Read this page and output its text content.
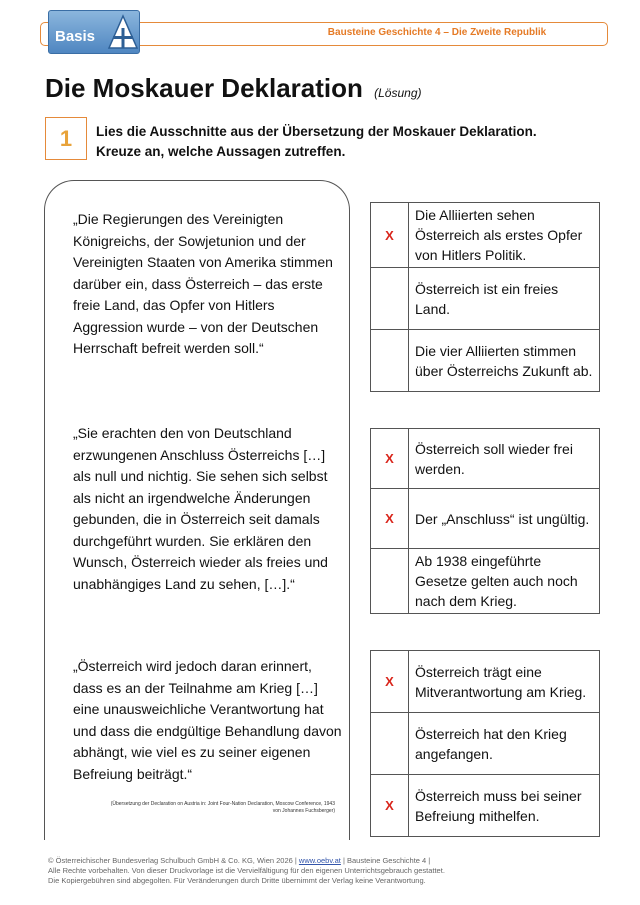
Bausteine Geschichte 4 – Die Zweite Republik
Basis
Die Moskauer Deklaration (Lösung)
1	Lies die Ausschnitte aus der Übersetzung der Moskauer Deklaration.
Kreuze an, welche Aussagen zutreffen.

„Die Regierungen des Vereinigten Königreichs, der Sowjetunion und der Vereinigten Staaten von Amerika stimmen darüber ein, dass Österreich – das erste freie Land, das Opfer von Hitlers Aggression wurde – von der Deutschen Herrschaft befreit werden soll.“

„Sie erachten den von Deutschland erzwungenen Anschluss Österreichs […] als null und nichtig. Sie sehen sich selbst als nicht an irgendwelche Änderungen gebunden, die in Österreich seit damals durchgeführt wurden. Sie erklären den Wunsch, Österreich wieder als freies und unabhängiges Land zu sehen, […].“

„Österreich wird jedoch daran erinnert, dass es an der Teilnahme am Krieg […] eine unausweichliche Verantwortung hat und dass die endgültige Behandlung davon abhängt, wie viel es zu seiner eigenen Befreiung beiträgt.“

(Übersetzung der Declaration on Austria in: Joint Four-Nation Declaration, Moscow Conference, 1943
von Johannes Fuchsberger)
X	Die Alliierten sehen Österreich als erstes Opfer von Hitlers Politik.
	Österreich ist ein freies Land.
	Die vier Alliierten stimmen über Österreichs Zukunft ab.
X	Österreich soll wieder frei werden.
X	Der „Anschluss“ ist ungültig.
	Ab 1938 eingeführte Gesetze gelten auch noch nach dem Krieg.
X	Österreich trägt eine Mitverantwortung am Krieg.
	Österreich hat den Krieg angefangen.
X	Österreich muss bei seiner Befreiung mithelfen.
© Österreichischer Bundesverlag Schulbuch GmbH & Co. KG, Wien 2026 | www.oebv.at | Bausteine Geschichte 4 |
Alle Rechte vorbehalten. Von dieser Druckvorlage ist die Vervielfältigung für den eigenen Unterrichtsgebrauch gestattet.
Die Kopiergebühren sind abgegolten. Für Veränderungen durch Dritte übernimmt der Verlag keine Verantwortung.
